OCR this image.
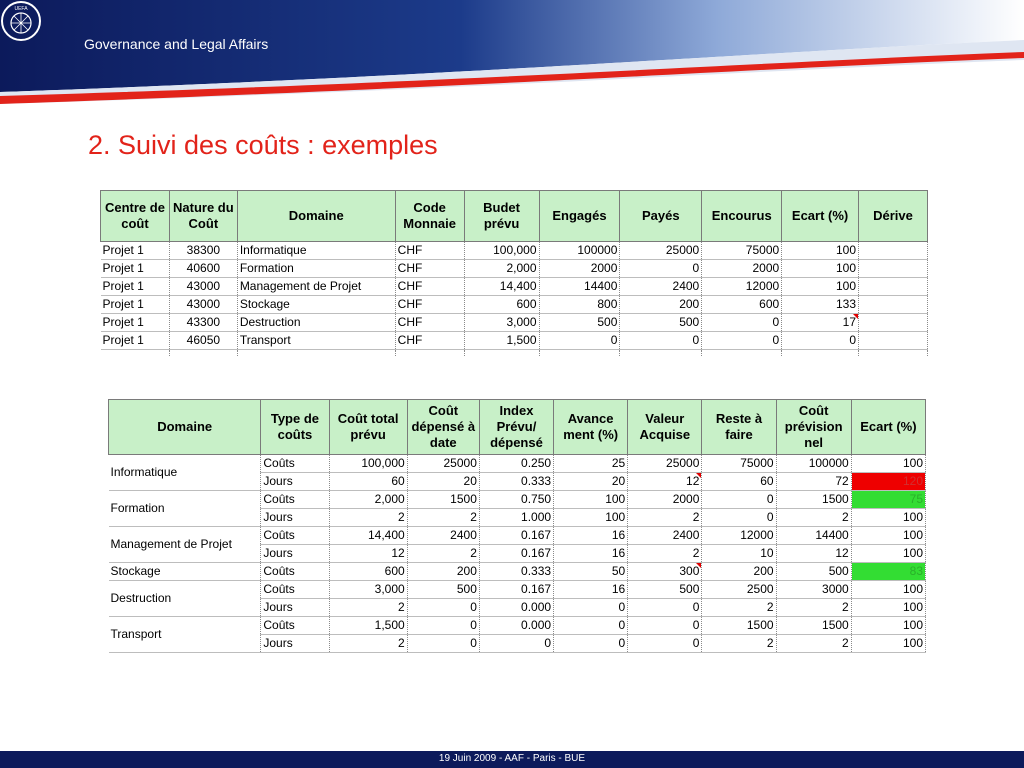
UEFA
Governance and Legal Affairs
2. Suivi des coûts : exemples
Centre de coût	Nature du Coût	Domaine	Code Monnaie	Budet prévu	Engagés	Payés	Encourus	Ecart (%)	Dérive
Projet 1	38300	Informatique	CHF	100,000	100000	25000	75000	100	
Projet 1	40600	Formation	CHF	2,000	2000	0	2000	100	
Projet 1	43000	Management de Projet	CHF	14,400	14400	2400	12000	100	
Projet 1	43000	Stockage	CHF	600	800	200	600	133	
Projet 1	43300	Destruction	CHF	3,000	500	500	0	17	
Projet 1	46050	Transport	CHF	1,500	0	0	0	0	

Domaine	Type de coûts	Coût total prévu	Coût dépensé à date	Index Prévu/ dépensé	Avance ment (%)	Valeur Acquise	Reste à faire	Coût prévision nel	Ecart (%)
Informatique	Coûts	100,000	25000	0.250	25	25000	75000	100000	100
	Jours	60	20	0.333	20	12	60	72	120
Formation	Coûts	2,000	1500	0.750	100	2000	0	1500	75
	Jours	2	2	1.000	100	2	0	2	100
Management de Projet	Coûts	14,400	2400	0.167	16	2400	12000	14400	100
	Jours	12	2	0.167	16	2	10	12	100
Stockage	Coûts	600	200	0.333	50	300	200	500	83
Destruction	Coûts	3,000	500	0.167	16	500	2500	3000	100
	Jours	2	0	0.000	0	0	2	2	100
Transport	Coûts	1,500	0	0.000	0	0	1500	1500	100
	Jours	2	0	0	0	0	2	2	100
19 Juin 2009 - AAF - Paris - BUE
